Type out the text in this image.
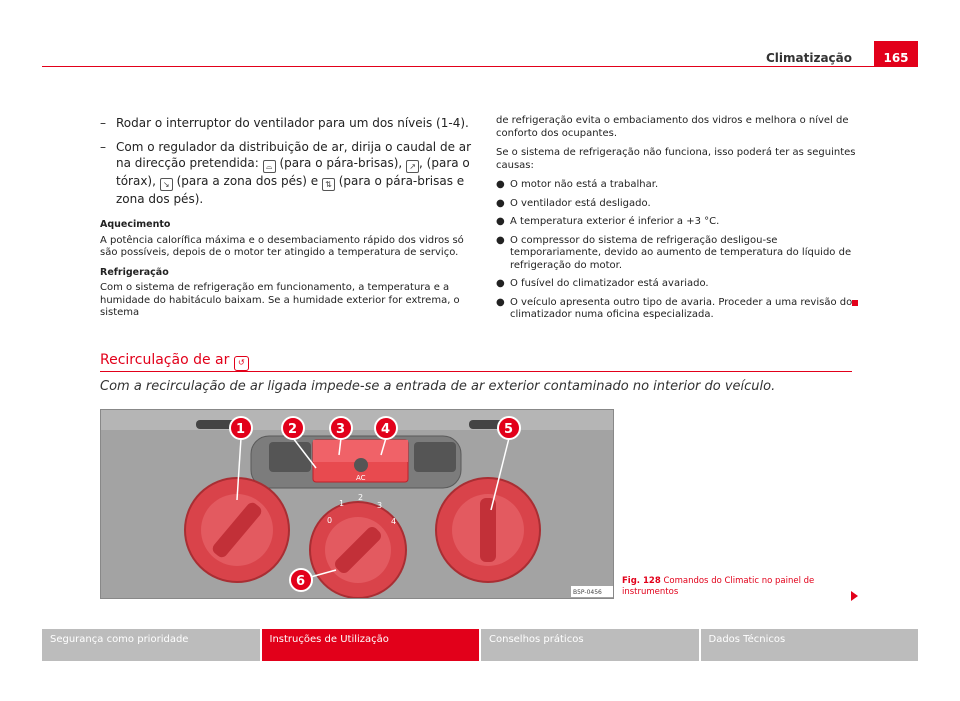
Climatização	165
– Rodar o interruptor do ventilador para um dos níveis (1-4).
– Com o regulador da distribuição de ar, dirija o caudal de ar na direcção pretendida: ⌓ (para o pára-brisas), ↗ , (para o tórax), ↘ (para a zona dos pés) e ⇅ (para o pára-brisas e zona dos pés).
Aquecimento

A potência calorífica máxima e o desembaciamento rápido dos vidros só são possíveis, depois de o motor ter atingido a temperatura de serviço.

Refrigeração

Com o sistema de refrigeração em funcionamento, a temperatura e a humidade do habitáculo baixam. Se a humidade exterior for extrema, o sistema

de refrigeração evita o embaciamento dos vidros e melhora o nível de conforto dos ocupantes.

Se o sistema de refrigeração não funciona, isso poderá ter as seguintes causas:

● O motor não está a trabalhar.
● O ventilador está desligado.
● A temperatura exterior é inferior a +3 °C.
● O compressor do sistema de refrigeração desligou-se temporariamente, devido ao aumento de temperatura do líquido de refrigeração do motor.
● O fusível do climatizador está avariado.
● O veículo apresenta outro tipo de avaria. Proceder a uma revisão do climatizador numa oficina especializada.
Recirculação de ar ↺
Com a recirculação de ar ligada impede-se a entrada de ar exterior contaminado no interior do veículo.
AC
0
1
2
3
4
1	2	3	4	5
6
B5P-0456
Fig. 128 Comandos do Climatic no painel de instrumentos
Segurança como prioridade	Instruções de Utilização	Conselhos práticos	Dados Técnicos
